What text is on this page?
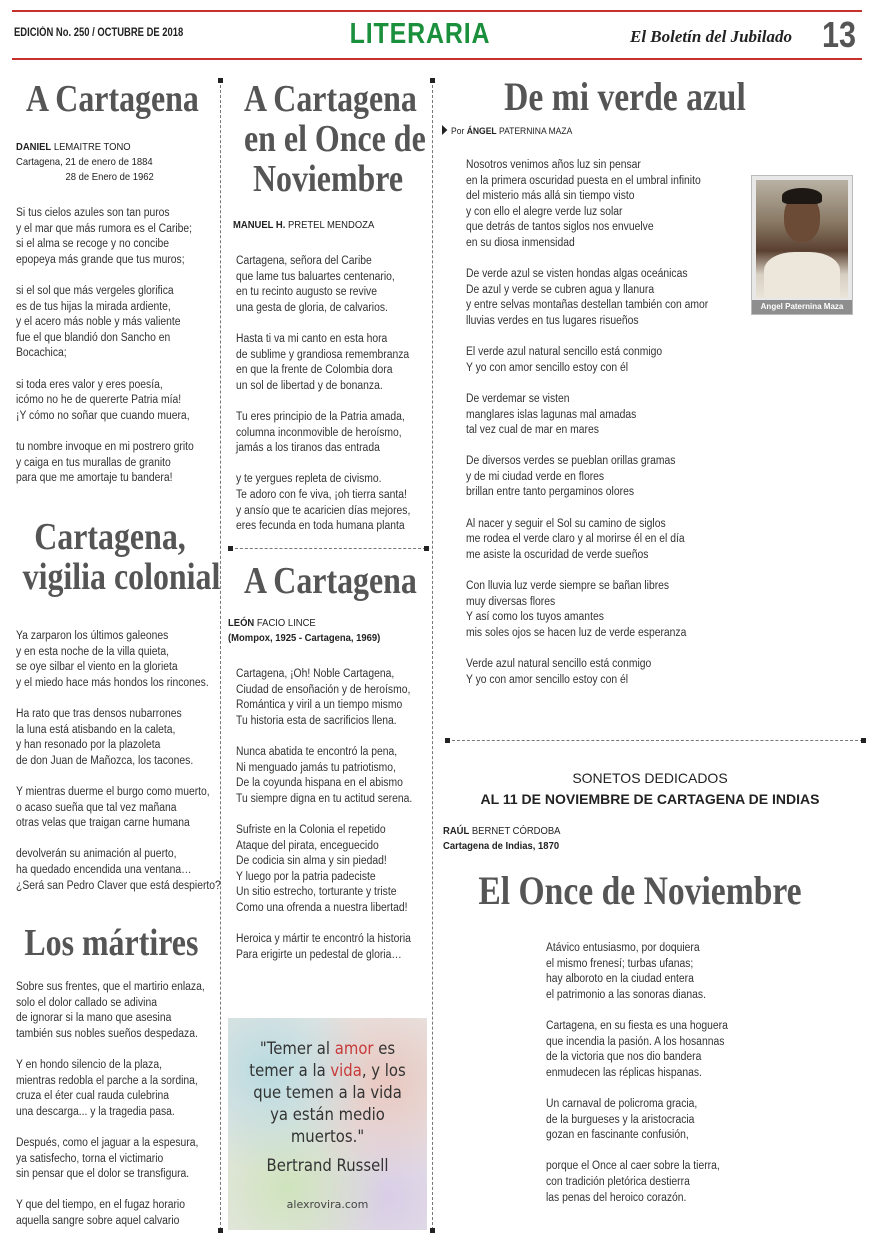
EDICIÓN No. 250 / OCTUBRE DE 2018	LITERARIA	El Boletín del Jubilado 13
A Cartagena
DANIEL LEMAITRE TONO
Cartagena, 21 de enero de 1884
28 de Enero de 1962
Si tus cielos azules son tan puros
y el mar que más rumora es el Caribe;
si el alma se recoge y no concibe
epopeya más grande que tus muros;
si el sol que más vergeles glorifica
es de tus hijas la mirada ardiente,
y el acero más noble y más valiente
fue el que blandió don Sancho en
Bocachica;
si toda eres valor y eres poesía,
icómo no he de quererte Patria mía!
¡Y cómo no soñar que cuando muera,
tu nombre invoque en mi postrero grito
y caiga en tus murallas de granito
para que me amortaje tu bandera!
Cartagena,
vigilia colonial
Ya zarparon los últimos galeones
y en esta noche de la villa quieta,
se oye silbar el viento en la glorieta
y el miedo hace más hondos los rincones.
Ha rato que tras densos nubarrones
la luna está atisbando en la caleta,
y han resonado por la plazoleta
de don Juan de Mañozca, los tacones.
Y mientras duerme el burgo como muerto,
o acaso sueña que tal vez mañana
otras velas que traigan carne humana
devolverán su animación al puerto,
ha quedado encendida una ventana…
¿Será san Pedro Claver que está despierto?
Los mártires
Sobre sus frentes, que el martirio enlaza,
solo el dolor callado se adivina
de ignorar si la mano que asesina
también sus nobles sueños despedaza.
Y en hondo silencio de la plaza,
mientras redobla el parche a la sordina,
cruza el éter cual rauda culebrina
una descarga... y la tragedia pasa.
Después, como el jaguar a la espesura,
ya satisfecho, torna el victimario
sin pensar que el dolor se transfigura.
Y que del tiempo, en el fugaz horario
aquella sangre sobre aquel calvario
A Cartagena
en el Once de
Noviembre
MANUEL H. PRETEL MENDOZA
Cartagena, señora del Caribe
que lame tus baluartes centenario,
en tu recinto augusto se revive
una gesta de gloria, de calvarios.
Hasta ti va mi canto en esta hora
de sublime y grandiosa remembranza
en que la frente de Colombia dora
un sol de libertad y de bonanza.
Tu eres principio de la Patria amada,
columna inconmovible de heroísmo,
jamás a los tiranos das entrada
y te yergues repleta de civismo.
Te adoro con fe viva, ¡oh tierra santa!
y ansío que te acaricien días mejores,
eres fecunda en toda humana planta
A Cartagena
LEÓN FACIO LINCE
(Mompox, 1925 - Cartagena, 1969)
Cartagena, ¡Oh! Noble Cartagena,
Ciudad de ensoñación y de heroísmo,
Romántica y viril a un tiempo mismo
Tu historia esta de sacrificios llena.
Nunca abatida te encontró la pena,
Ni menguado jamás tu patriotismo,
De la coyunda hispana en el abismo
Tu siempre digna en tu actitud serena.
Sufriste en la Colonia el repetido
Ataque del pirata, enceguecido
De codicia sin alma y sin piedad!
Y luego por la patria padeciste
Un sitio estrecho, torturante y triste
Como una ofrenda a nuestra libertad!
Heroica y mártir te encontró la historia
Para erigirte un pedestal de gloria…
"Temer al amor es
temer a la vida, y los
que temen a la vida
ya están medio
muertos."
Bertrand Russell
alexrovira.com
De mi verde azul
Por ÁNGEL PATERNINA MAZA
Nosotros venimos años luz sin pensar
en la primera oscuridad puesta en el umbral infinito
del misterio más allá sin tiempo visto
y con ello el alegre verde luz solar
que detrás de tantos siglos nos envuelve
en su diosa inmensidad
De verde azul se visten hondas algas oceánicas
De azul y verde se cubren agua y llanura
y entre selvas montañas destellan también con amor
lluvias verdes en tus lugares risueños
El verde azul natural sencillo está conmigo
Y yo con amor sencillo estoy con él
De verdemar se visten
manglares islas lagunas mal amadas
tal vez cual de mar en mares
De diversos verdes se pueblan orillas gramas
y de mi ciudad verde en flores
brillan entre tanto pergaminos olores
Al nacer y seguir el Sol su camino de siglos
me rodea el verde claro y al morirse él en el día
me asiste la oscuridad de verde sueños
Con lluvia luz verde siempre se bañan libres
muy diversas flores
Y así como los tuyos amantes
mis soles ojos se hacen luz de verde esperanza
Verde azul natural sencillo está conmigo
Y yo con amor sencillo estoy con él
Angel Paternina Maza
SONETOS DEDICADOS
AL 11 DE NOVIEMBRE DE CARTAGENA DE INDIAS
RAÚL BERNET CÓRDOBA
Cartagena de Indias, 1870
El Once de Noviembre
Atávico entusiasmo, por doquiera
el mismo frenesí; turbas ufanas;
hay alboroto en la ciudad entera
el patrimonio a las sonoras dianas.
Cartagena, en su fiesta es una hoguera
que incendia la pasión. A los hosannas
de la victoria que nos dio bandera
enmudecen las réplicas hispanas.
Un carnaval de policroma gracia,
de la burgueses y la aristocracia
gozan en fascinante confusión,
porque el Once al caer sobre la tierra,
con tradición pletórica destierra
las penas del heroico corazón.
